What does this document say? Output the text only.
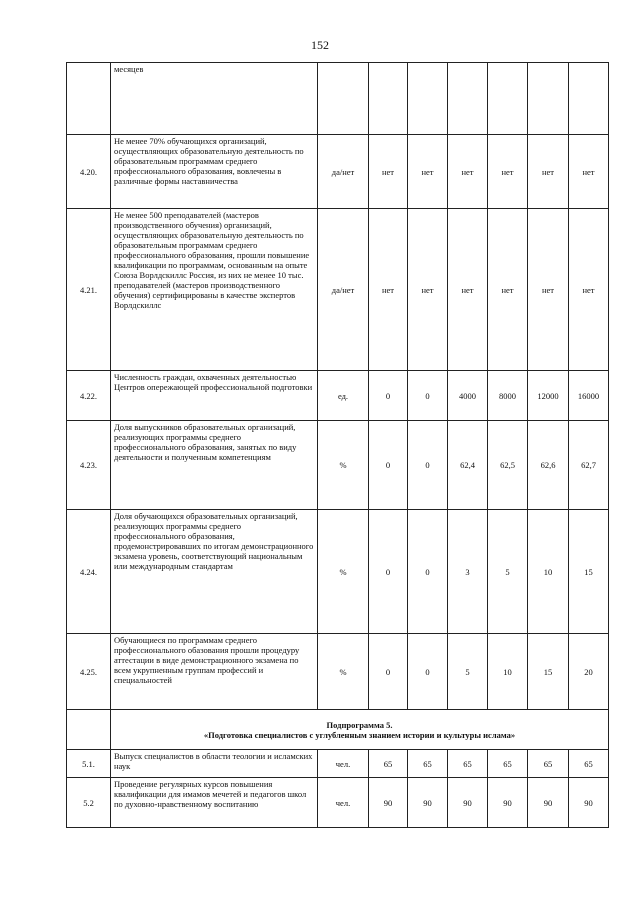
152
	месяцев							
4.20.	Не менее 70% обучающихся организаций, осуществляющих образовательную деятельность по образовательным программам среднего профессионального образования, вовлечены в различные формы наставничества	да/нет	нет	нет	нет	нет	нет	нет
4.21.	Не менее 500 преподавателей (мастеров производственного обучения) организаций, осуществляющих образовательную деятельность по образовательным программам среднего профессионального образования, прошли повышение квалификации по программам, основанным на опыте Союза Ворлдскиллс Россия, из них не менее 10 тыс. преподавателей (мастеров производственного обучения) сертифицированы в качестве экспертов Ворлдскиллс	да/нет	нет	нет	нет	нет	нет	нет
4.22.	Численность граждан, охваченных деятельностью Центров опережающей профессиональной подготовки	ед.	0	0	4000	8000	12000	16000
4.23.	Доля выпускников образовательных организаций, реализующих программы среднего профессионального образования, занятых по виду деятельности и полученным компетенциям	%	0	0	62,4	62,5	62,6	62,7
4.24.	Доля обучающихся образовательных организаций, реализующих программы среднего профессионального образования, продемонстрировавших по итогам демонстрационного экзамена уровень, соответствующий национальным или международным стандартам	%	0	0	3	5	10	15
4.25.	Обучающиеся по программам среднего профессионального обазования прошли процедуру аттестации в виде демонстрационного экзамена по всем укрупненным группам профессий и специальностей	%	0	0	5	10	15	20

	Подпрограмма 5.
«Подготовка специалистов с углубленным знанием истории и культуры ислама»							

5.1.	Выпуск специалистов в области теологии и исламских наук	чел.	65	65	65	65	65	65
5.2	Проведение регулярных курсов повышения квалификации для имамов мечетей и педагогов школ по духовно-нравственному воспитанию	чел.	90	90	90	90	90	90
